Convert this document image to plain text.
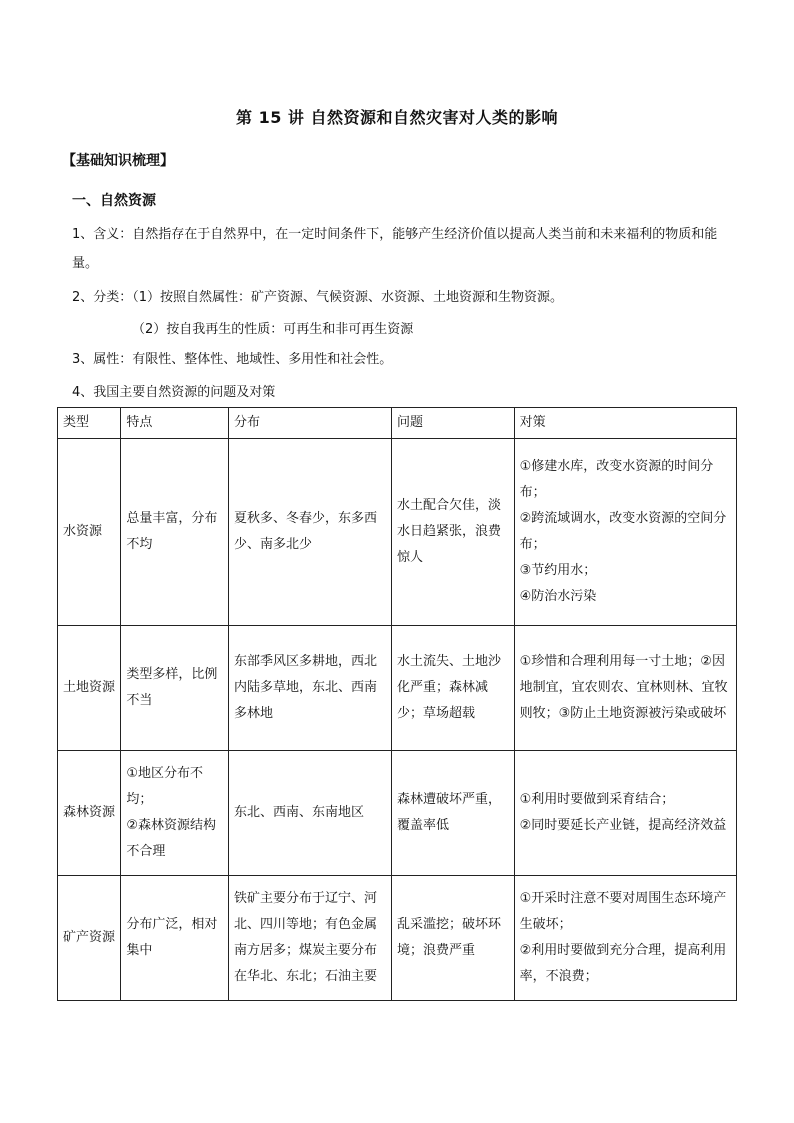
第 15 讲 自然资源和自然灾害对人类的影响
【基础知识梳理】
一、自然资源
1、含义：自然指存在于自然界中，在一定时间条件下，能够产生经济价值以提高人类当前和未来福利的物质和能量。
2、分类：（1）按照自然属性：矿产资源、气候资源、水资源、土地资源和生物资源。
（2）按自我再生的性质：可再生和非可再生资源
3、属性：有限性、整体性、地域性、多用性和社会性。
4、我国主要自然资源的问题及对策
类型	特点	分布	问题	对策
水资源	总量丰富，分布不均	夏秋多、冬春少，东多西少、南多北少	水土配合欠佳，淡水日趋紧张，浪费惊人	①修建水库，改变水资源的时间分布；
②跨流域调水，改变水资源的空间分布；
③节约用水；
④防治水污染

土地资源	类型多样，比例不当	东部季风区多耕地，西北内陆多草地，东北、西南多林地	水土流失、土地沙化严重；森林减少；草场超载	①珍惜和合理利用每一寸土地；②因地制宜，宜农则农、宜林则林、宜牧则牧；③防止土地资源被污染或破坏

森林资源	①地区分布不均；
②森林资源结构不合理	东北、西南、东南地区	森林遭破坏严重，覆盖率低	①利用时要做到采育结合；
②同时要延长产业链，提高经济效益

矿产资源	分布广泛，相对集中	铁矿主要分布于辽宁、河北、四川等地；有色金属南方居多；煤炭主要分布在华北、东北；石油主要	乱采滥挖；破坏环境；浪费严重	①开采时注意不要对周围生态环境产生破坏；
②利用时要做到充分合理，提高利用率，不浪费；
